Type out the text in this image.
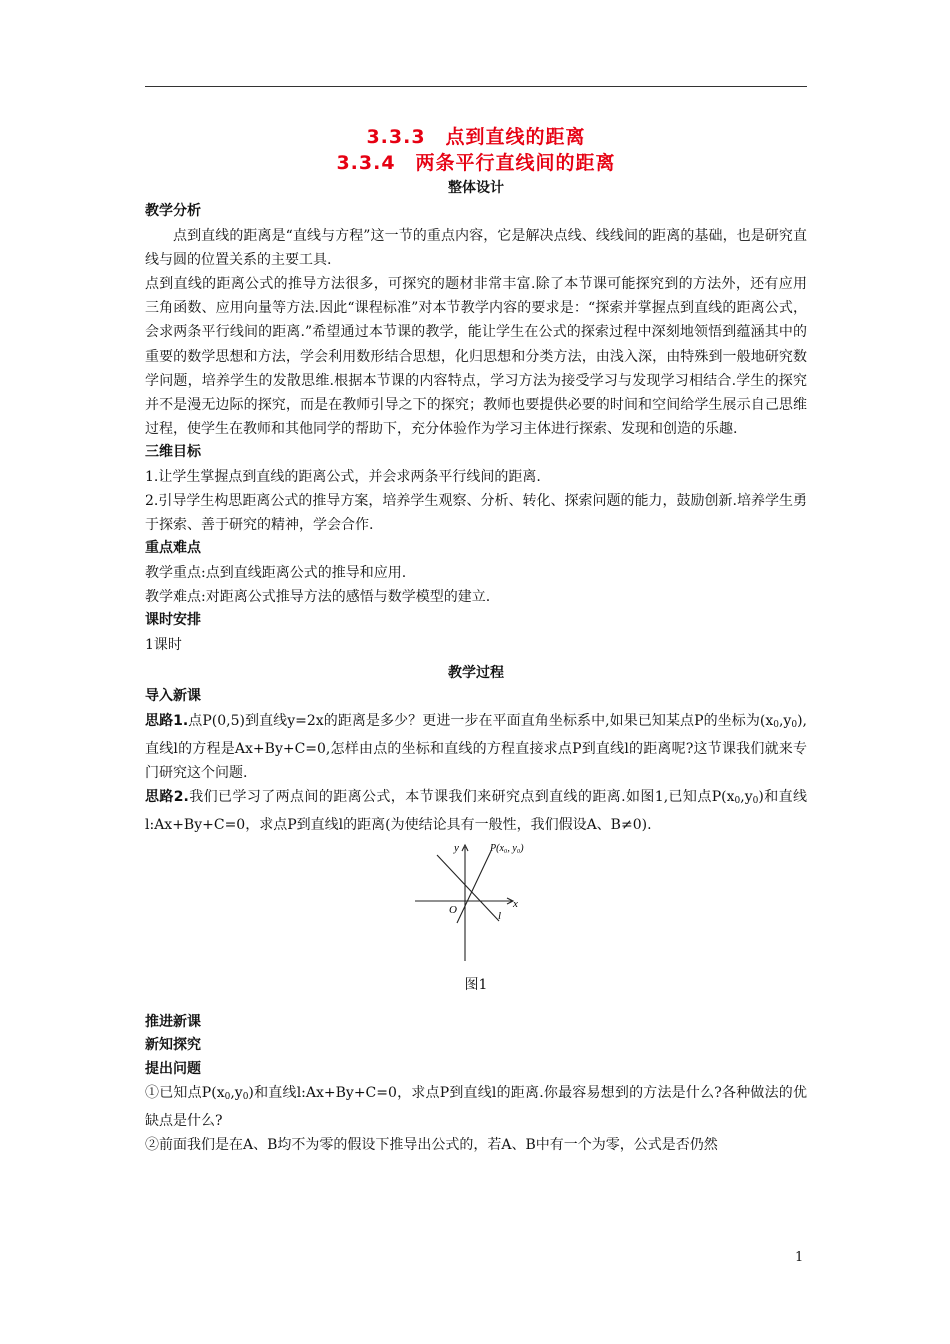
3.3.3　点到直线的距离

3.3.4　两条平行直线间的距离

整体设计

教学分析

点到直线的距离是“直线与方程”这一节的重点内容，它是解决点线、线线间的距离的基础，也是研究直线与圆的位置关系的主要工具.

点到直线的距离公式的推导方法很多，可探究的题材非常丰富.除了本节课可能探究到的方法外，还有应用三角函数、应用向量等方法.因此“课程标准”对本节教学内容的要求是：“探索并掌握点到直线的距离公式，会求两条平行线间的距离.”希望通过本节课的教学，能让学生在公式的探索过程中深刻地领悟到蕴涵其中的重要的数学思想和方法，学会利用数形结合思想，化归思想和分类方法，由浅入深，由特殊到一般地研究数学问题，培养学生的发散思维.根据本节课的内容特点，学习方法为接受学习与发现学习相结合.学生的探究并不是漫无边际的探究，而是在教师引导之下的探究；教师也要提供必要的时间和空间给学生展示自己思维过程，使学生在教师和其他同学的帮助下，充分体验作为学习主体进行探索、发现和创造的乐趣.

三维目标

1.让学生掌握点到直线的距离公式，并会求两条平行线间的距离.

2.引导学生构思距离公式的推导方案，培养学生观察、分析、转化、探索问题的能力，鼓励创新.培养学生勇于探索、善于研究的精神，学会合作.

重点难点

教学重点:点到直线距离公式的推导和应用.

教学难点:对距离公式推导方法的感悟与数学模型的建立.

课时安排

1课时

教学过程

导入新课

思路1.点P(0,5)到直线y=2x的距离是多少？更进一步在平面直角坐标系中,如果已知某点P的坐标为$(x_0,y_0)$,直线l的方程是Ax+By+C=0,怎样由点的坐标和直线的方程直接求点P到直线l的距离呢?这节课我们就来专门研究这个问题.

思路2.我们已学习了两点间的距离公式，本节课我们来研究点到直线的距离.如图1,已知点$P(x_0,y_0)$和直线l:Ax+By+C=0，求点P到直线l的距离(为使结论具有一般性，我们假设A、B≠0).

y
x
O	l
P(x₀, y₀)

图1

推进新课

新知探究

提出问题

①已知点$P(x_0,y_0)$和直线l:Ax+By+C=0，求点P到直线l的距离.你最容易想到的方法是什么?各种做法的优缺点是什么?

②前面我们是在A、B均不为零的假设下推导出公式的，若A、B中有一个为零，公式是否仍然

1
